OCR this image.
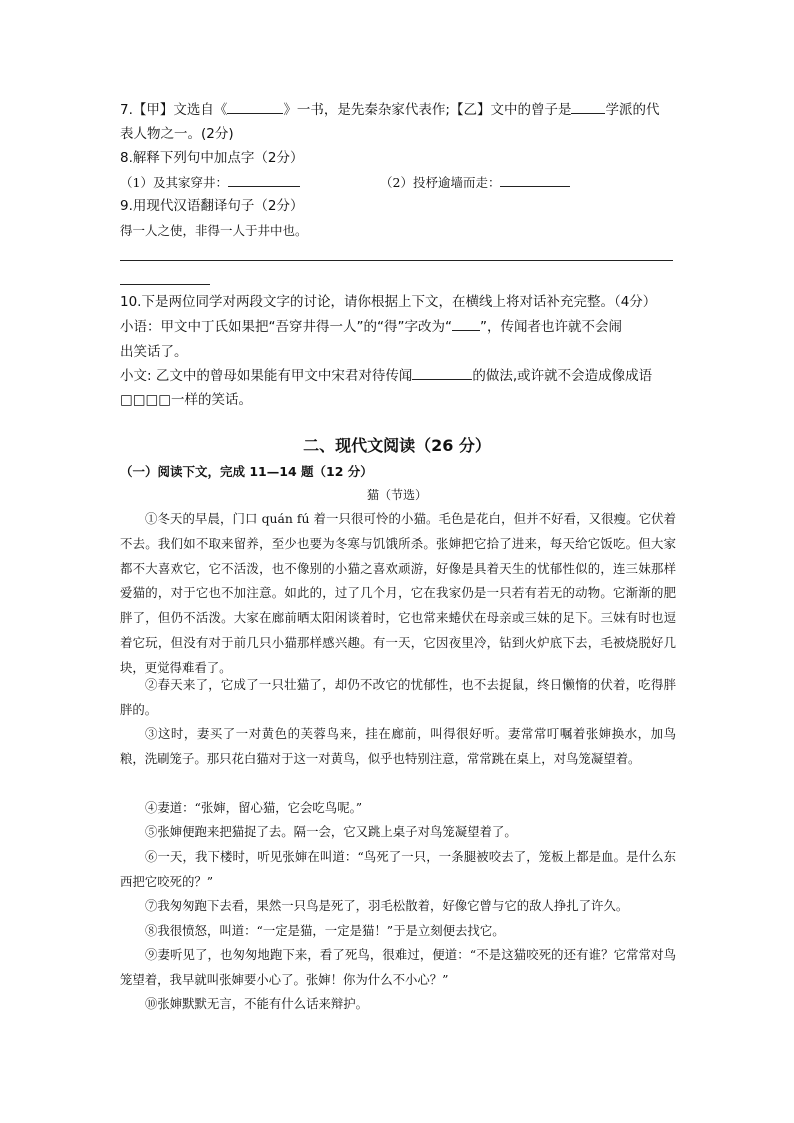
7.【甲】文选自《	》一书，是先秦杂家代表作;【乙】文中的曾子是	学派的代
表人物之一。(2分)
8.解释下列句中加点字（2分）
（1）及其家穿井：	（2）投杼逾墙而走：
9.用现代汉语翻译句子（2分）
得一人之使，非得一人于井中也。
10.下是两位同学对两段文字的讨论，请你根据上下文，在横线上将对话补充完整。（4分）
小语：甲文中丁氏如果把“吾穿井得一人”的“得”字改为“ ”，传闻者也许就不会闹
出笑话了。
小文: 乙文中的曾母如果能有甲文中宋君对待传闻	的做法,或许就不会造成像成语
□□□□一样的笑话。
二、现代文阅读（26 分）
（一）阅读下文，完成 11—14 题（12 分）
猫（节选）

①冬天的早晨，门口 quán fú 着一只很可怜的小猫。毛色是花白，但并不好看，又很瘦。它伏着不去。我们如不取来留养，至少也要为冬寒与饥饿所杀。张婶把它拾了进来，每天给它饭吃。但大家都不大喜欢它，它不活泼，也不像别的小猫之喜欢顽游，好像是具着天生的忧郁性似的，连三妹那样爱猫的，对于它也不加注意。如此的，过了几个月，它在我家仍是一只若有若无的动物。它渐渐的肥胖了，但仍不活泼。大家在廊前晒太阳闲谈着时，它也常来蜷伏在母亲或三妹的足下。三妹有时也逗着它玩，但没有对于前几只小猫那样感兴趣。有一天，它因夜里冷，钻到火炉底下去，毛被烧脱好几块，更觉得难看了。

②春天来了，它成了一只壮猫了，却仍不改它的忧郁性，也不去捉鼠，终日懒惰的伏着，吃得胖胖的。

③这时，妻买了一对黄色的芙蓉鸟来，挂在廊前，叫得很好听。妻常常叮嘱着张婶换水，加鸟粮，洗刷笼子。那只花白猫对于这一对黄鸟，似乎也特别注意，常常跳在桌上，对鸟笼凝望着。

④妻道：“张婶，留心猫，它会吃鸟呢。”

⑤张婶便跑来把猫捉了去。隔一会，它又跳上桌子对鸟笼凝望着了。

⑥一天，我下楼时，听见张婶在叫道：“鸟死了一只，一条腿被咬去了，笼板上都是血。是什么东西把它咬死的？”

⑦我匆匆跑下去看，果然一只鸟是死了，羽毛松散着，好像它曾与它的敌人挣扎了许久。

⑧我很愤怒，叫道：“一定是猫，一定是猫！”于是立刻便去找它。

⑨妻听见了，也匆匆地跑下来，看了死鸟，很难过，便道：“不是这猫咬死的还有谁？它常常对鸟笼望着，我早就叫张婶要小心了。张婶！你为什么不小心？”

⑩张婶默默无言，不能有什么话来辩护。
